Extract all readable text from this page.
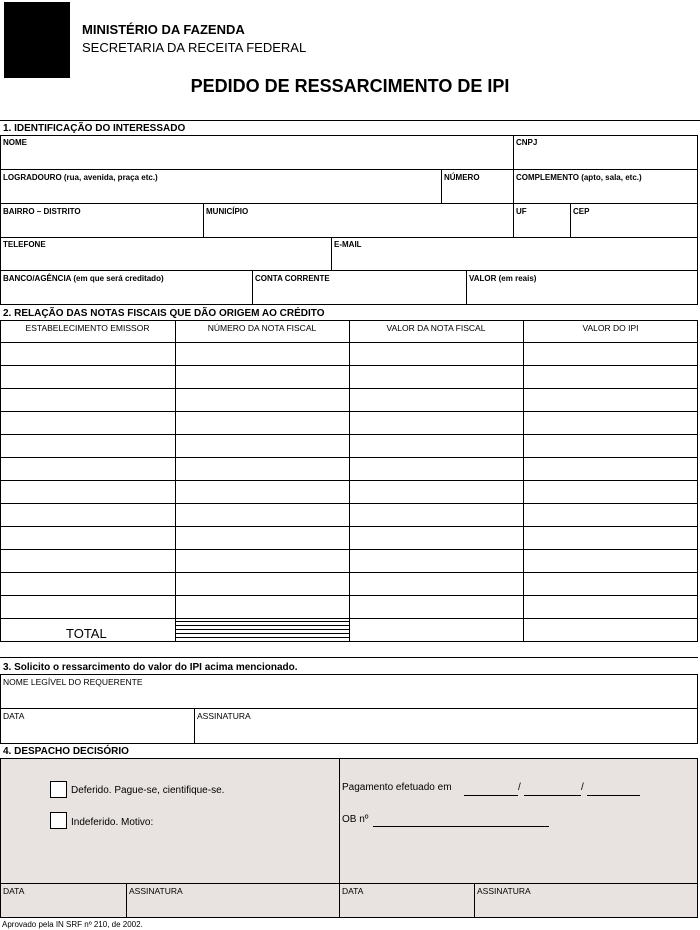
MINISTÉRIO DA FAZENDA
SECRETARIA DA RECEITA FEDERAL
PEDIDO DE RESSARCIMENTO DE IPI
1. IDENTIFICAÇÃO DO INTERESSADO
NOME	CNPJ
LOGRADOURO (rua, avenida, praça etc.)	NÚMERO	COMPLEMENTO (apto, sala, etc.)
BAIRRO – DISTRITO	MUNICÍPIO	UF	CEP
TELEFONE	E-MAIL
BANCO/AGÊNCIA (em que será creditado)	CONTA CORRENTE	VALOR (em reais)
2. RELAÇÃO DAS NOTAS FISCAIS QUE DÃO ORIGEM AO CRÉDITO
ESTABELECIMENTO EMISSOR	NÚMERO DA NOTA FISCAL	VALOR DA NOTA FISCAL	VALOR DO IPI
TOTAL
3. Solicito o ressarcimento do valor do IPI acima mencionado.
NOME LEGÍVEL DO REQUERENTE
DATA	ASSINATURA
4. DESPACHO DECISÓRIO
Deferido. Pague-se, cientifique-se.
Indeferido. Motivo:
Pagamento efetuado em	/	/
OB nº
DATA	ASSINATURA	DATA	ASSINATURA
Aprovado pela IN SRF nº 210, de 2002.
